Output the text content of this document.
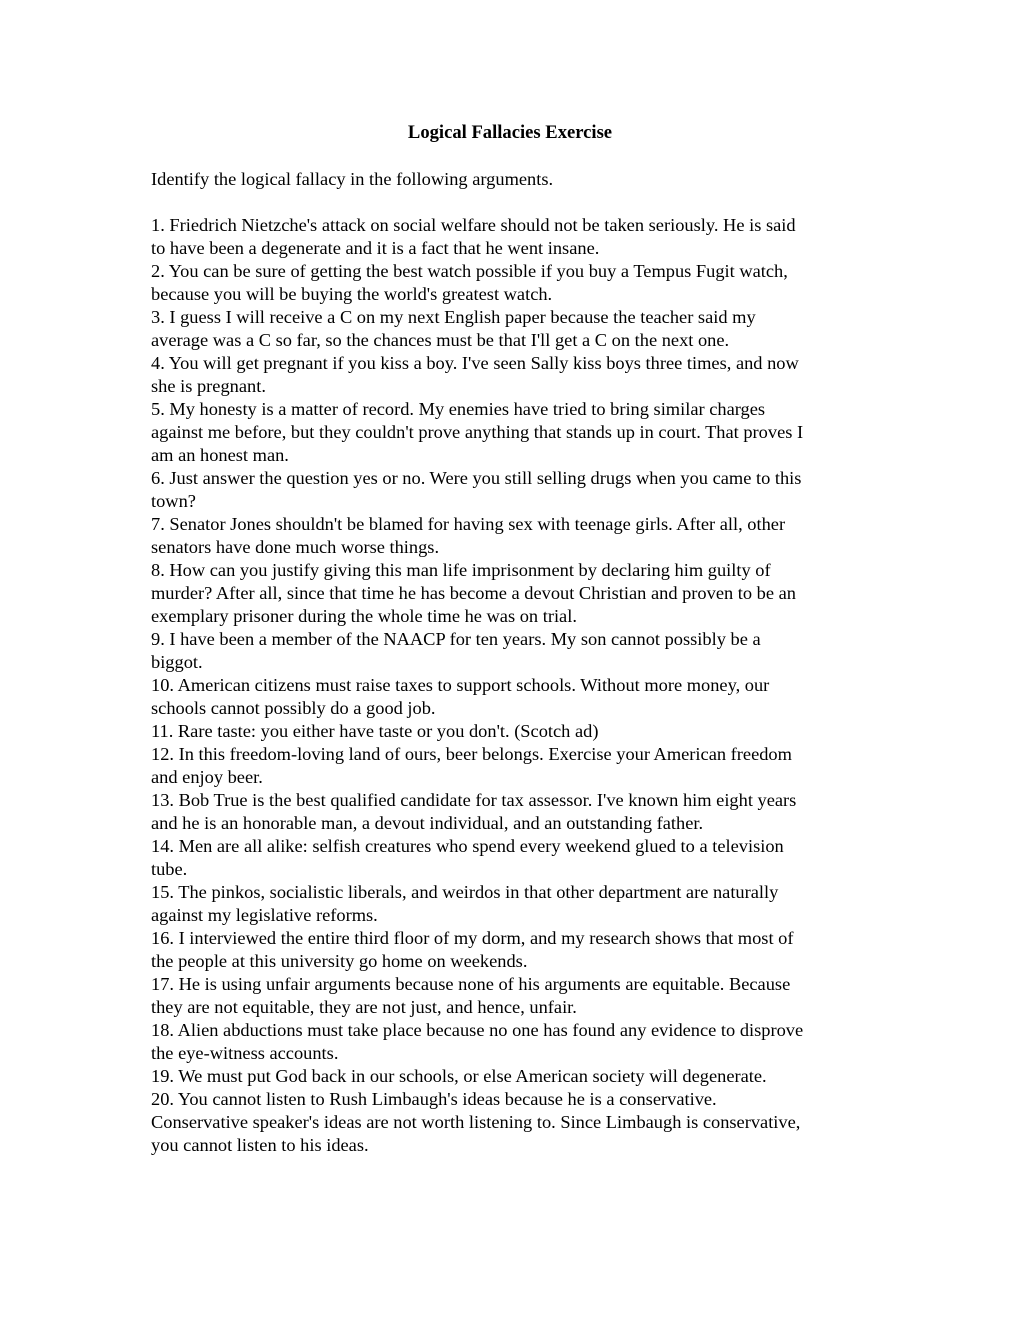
Logical Fallacies Exercise
Identify the logical fallacy in the following arguments.
1. Friedrich Nietzche's attack on social welfare should not be taken seriously. He is said
to have been a degenerate and it is a fact that he went insane.
2. You can be sure of getting the best watch possible if you buy a Tempus Fugit watch,
because you will be buying the world's greatest watch.
3. I guess I will receive a C on my next English paper because the teacher said my
average was a C so far, so the chances must be that I'll get a C on the next one.
4. You will get pregnant if you kiss a boy. I've seen Sally kiss boys three times, and now
she is pregnant.
5. My honesty is a matter of record. My enemies have tried to bring similar charges
against me before, but they couldn't prove anything that stands up in court. That proves I
am an honest man.
6. Just answer the question yes or no. Were you still selling drugs when you came to this
town?
7. Senator Jones shouldn't be blamed for having sex with teenage girls. After all, other
senators have done much worse things.
8. How can you justify giving this man life imprisonment by declaring him guilty of
murder? After all, since that time he has become a devout Christian and proven to be an
exemplary prisoner during the whole time he was on trial.
9. I have been a member of the NAACP for ten years. My son cannot possibly be a
biggot.
10. American citizens must raise taxes to support schools. Without more money, our
schools cannot possibly do a good job.
11. Rare taste: you either have taste or you don't. (Scotch ad)
12. In this freedom-loving land of ours, beer belongs. Exercise your American freedom
and enjoy beer.
13. Bob True is the best qualified candidate for tax assessor. I've known him eight years
and he is an honorable man, a devout individual, and an outstanding father.
14. Men are all alike: selfish creatures who spend every weekend glued to a television
tube.
15. The pinkos, socialistic liberals, and weirdos in that other department are naturally
against my legislative reforms.
16. I interviewed the entire third floor of my dorm, and my research shows that most of
the people at this university go home on weekends.
17. He is using unfair arguments because none of his arguments are equitable. Because
they are not equitable, they are not just, and hence, unfair.
18. Alien abductions must take place because no one has found any evidence to disprove
the eye-witness accounts.
19. We must put God back in our schools, or else American society will degenerate.
20. You cannot listen to Rush Limbaugh's ideas because he is a conservative.
Conservative speaker's ideas are not worth listening to. Since Limbaugh is conservative,
you cannot listen to his ideas.
